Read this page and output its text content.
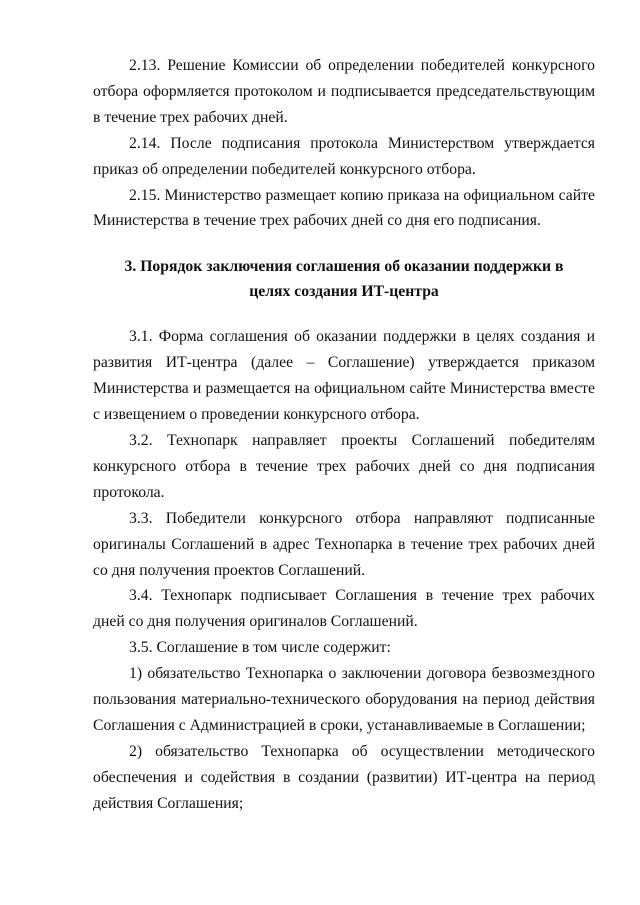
2.13. Решение Комиссии об определении победителей конкурсного отбора оформляется протоколом и подписывается председательствующим в течение трех рабочих дней.

2.14. После подписания протокола Министерством утверждается приказ об определении победителей конкурсного отбора.

2.15. Министерство размещает копию приказа на официальном сайте Министерства в течение трех рабочих дней со дня его подписания.

3. Порядок заключения соглашения об оказании поддержки в
целях создания ИТ-центра

3.1. Форма соглашения об оказании поддержки в целях создания и развития ИТ-центра (далее – Соглашение) утверждается приказом Министерства и размещается на официальном сайте Министерства вместе с извещением о проведении конкурсного отбора.

3.2. Технопарк направляет проекты Соглашений победителям конкурсного отбора в течение трех рабочих дней со дня подписания протокола.

3.3. Победители конкурсного отбора направляют подписанные оригиналы Соглашений в адрес Технопарка в течение трех рабочих дней со дня получения проектов Соглашений.

3.4. Технопарк подписывает Соглашения в течение трех рабочих дней со дня получения оригиналов Соглашений.

3.5. Соглашение в том числе содержит:

1) обязательство Технопарка о заключении договора безвозмездного пользования материально-технического оборудования на период действия Соглашения с Администрацией в сроки, устанавливаемые в Соглашении;

2) обязательство Технопарка об осуществлении методического обеспечения и содействия в создании (развитии) ИТ-центра на период действия Соглашения;
